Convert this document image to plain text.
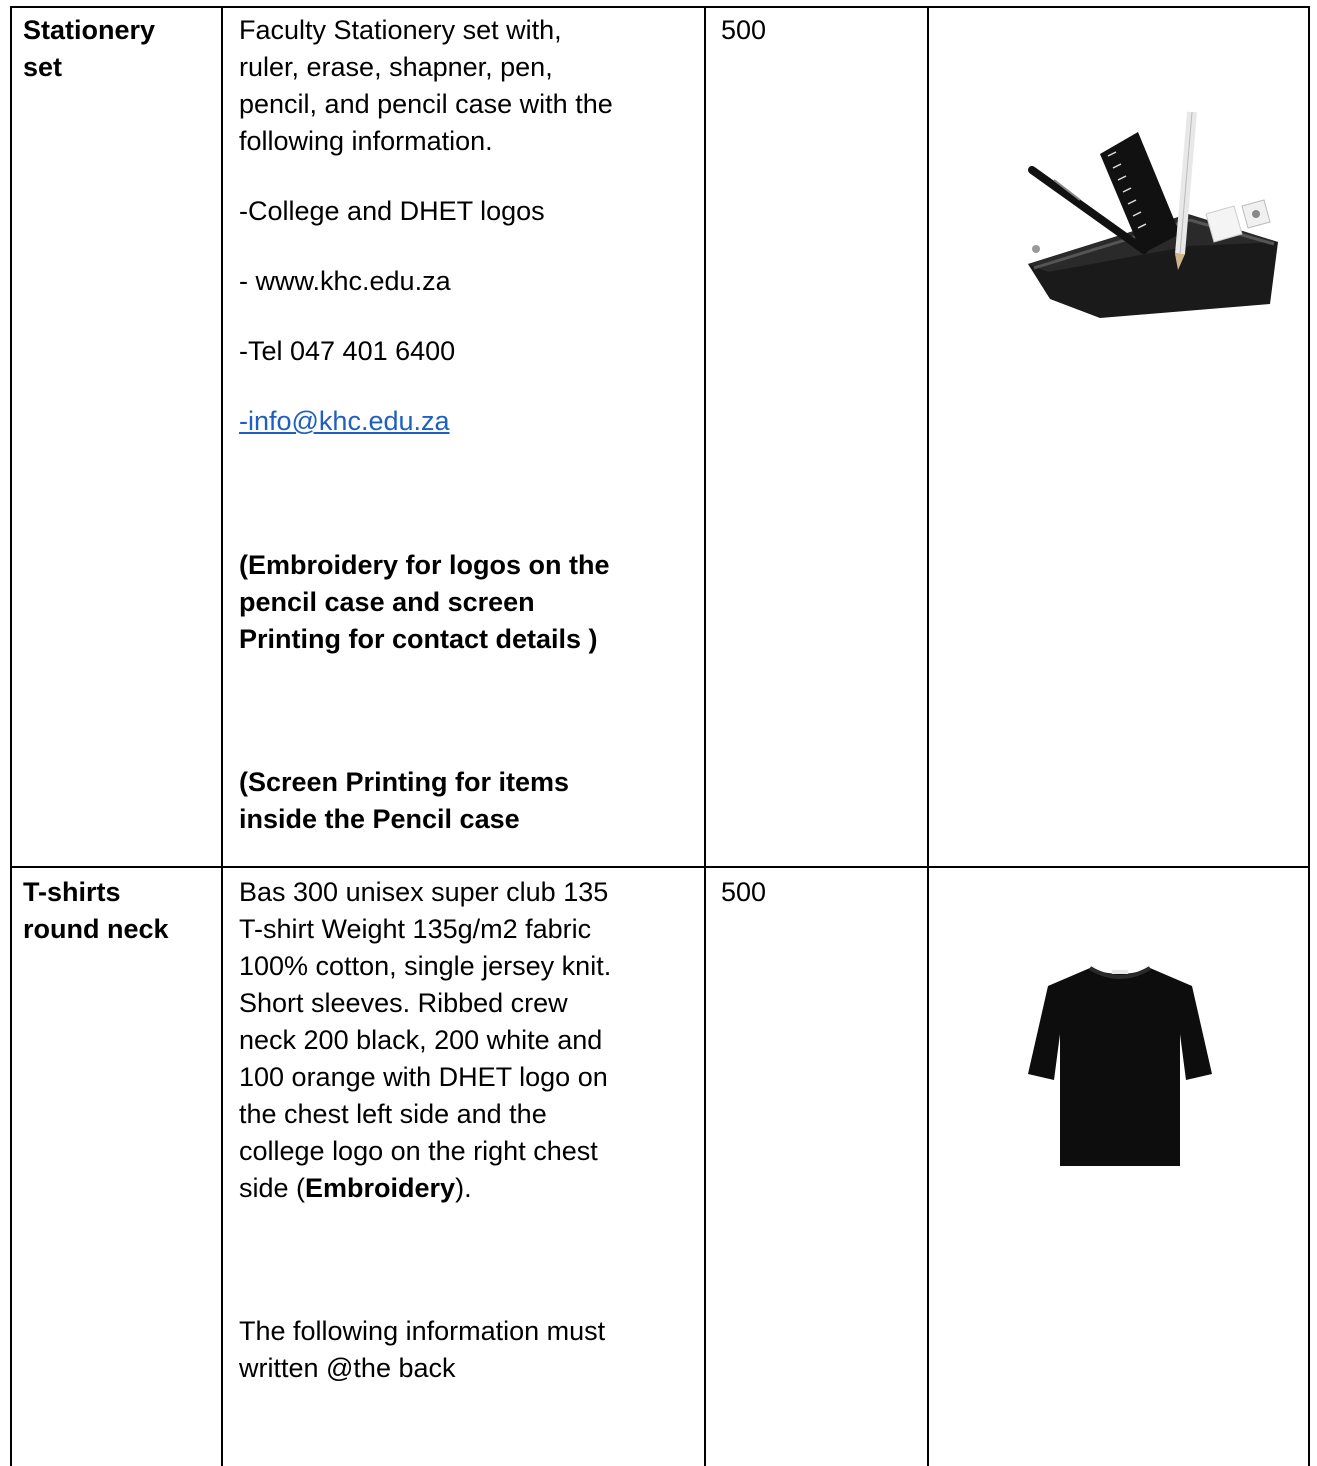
Stationery

set

Faculty Stationery set with,

ruler, erase, shapner, pen,

pencil, and pencil case with the

following information.

-College and DHET logos

- www.khc.edu.za

-Tel 047 401 6400

-info@khc.edu.za

(Embroidery for logos on the

pencil case and screen

Printing for contact details )

(Screen Printing for items

inside the Pencil case

500

T-shirts

round neck

Bas 300 unisex super club 135

T-shirt Weight 135g/m2 fabric

100% cotton, single jersey knit.

Short sleeves. Ribbed crew

neck 200 black, 200 white and

100 orange with DHET logo on

the chest left side and the

college logo on the right chest

side (Embroidery).

The following information must

written @the back

500
